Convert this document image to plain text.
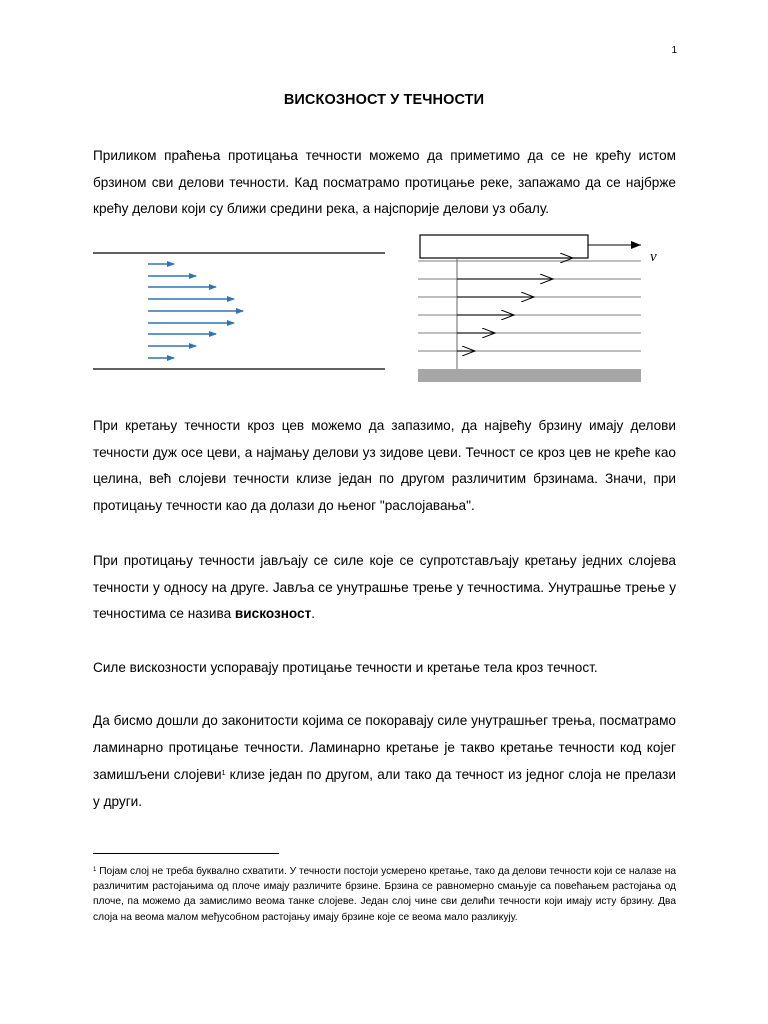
1
ВИСКОЗНОСТ У ТЕЧНОСТИ

Приликом праћења протицања течности можемо да приметимо да се не крећу истом брзином сви делови течности. Кад посматрамо протицање реке, запажамо да се најбрже крећу делови који су ближи средини река, а најспорије делови уз обалу.

v

При кретању течности кроз цев можемо да запазимо, да највећу брзину имају делови течности дуж осе цеви, а најмању делови уз зидове цеви. Течност се кроз цев не креће као целина, већ слојеви течности клизе један по другом различитим брзинама. Значи, при протицању течности као да долази до њеног "раслојавања".

При протицању течности јављају се силе које се супротстављају кретању једних слојева течности у односу на друге. Јавља се унутрашње трење у течностима. Унутрашње трење у течностима се назива вискозност.

Силе вискозности успоравају протицање течности и кретање тела кроз течност.

Да бисмо дошли до законитости којима се покоравају силе унутрашњег трења, посматрамо ламинарно протицање течности. Ламинарно кретање је такво кретање течности код којег замишљени слојеви$^1$ клизе један по другом, али тако да течност из једног слоја не прелази у други.

$^1$ Појам слој не треба буквално схватити. У течности постоји усмерено кретање, тако да делови течности који се налазе на различитим растојањима од плоче имају различите брзине. Брзина се равномерно смањује са повећањем растојања од плоче, па можемо да замислимо веома танке слојеве. Један слој чине сви делићи течности који имају исту брзину. Два слоја на веома малом међусобном растојању имају брзине које се веома мало разликују.
